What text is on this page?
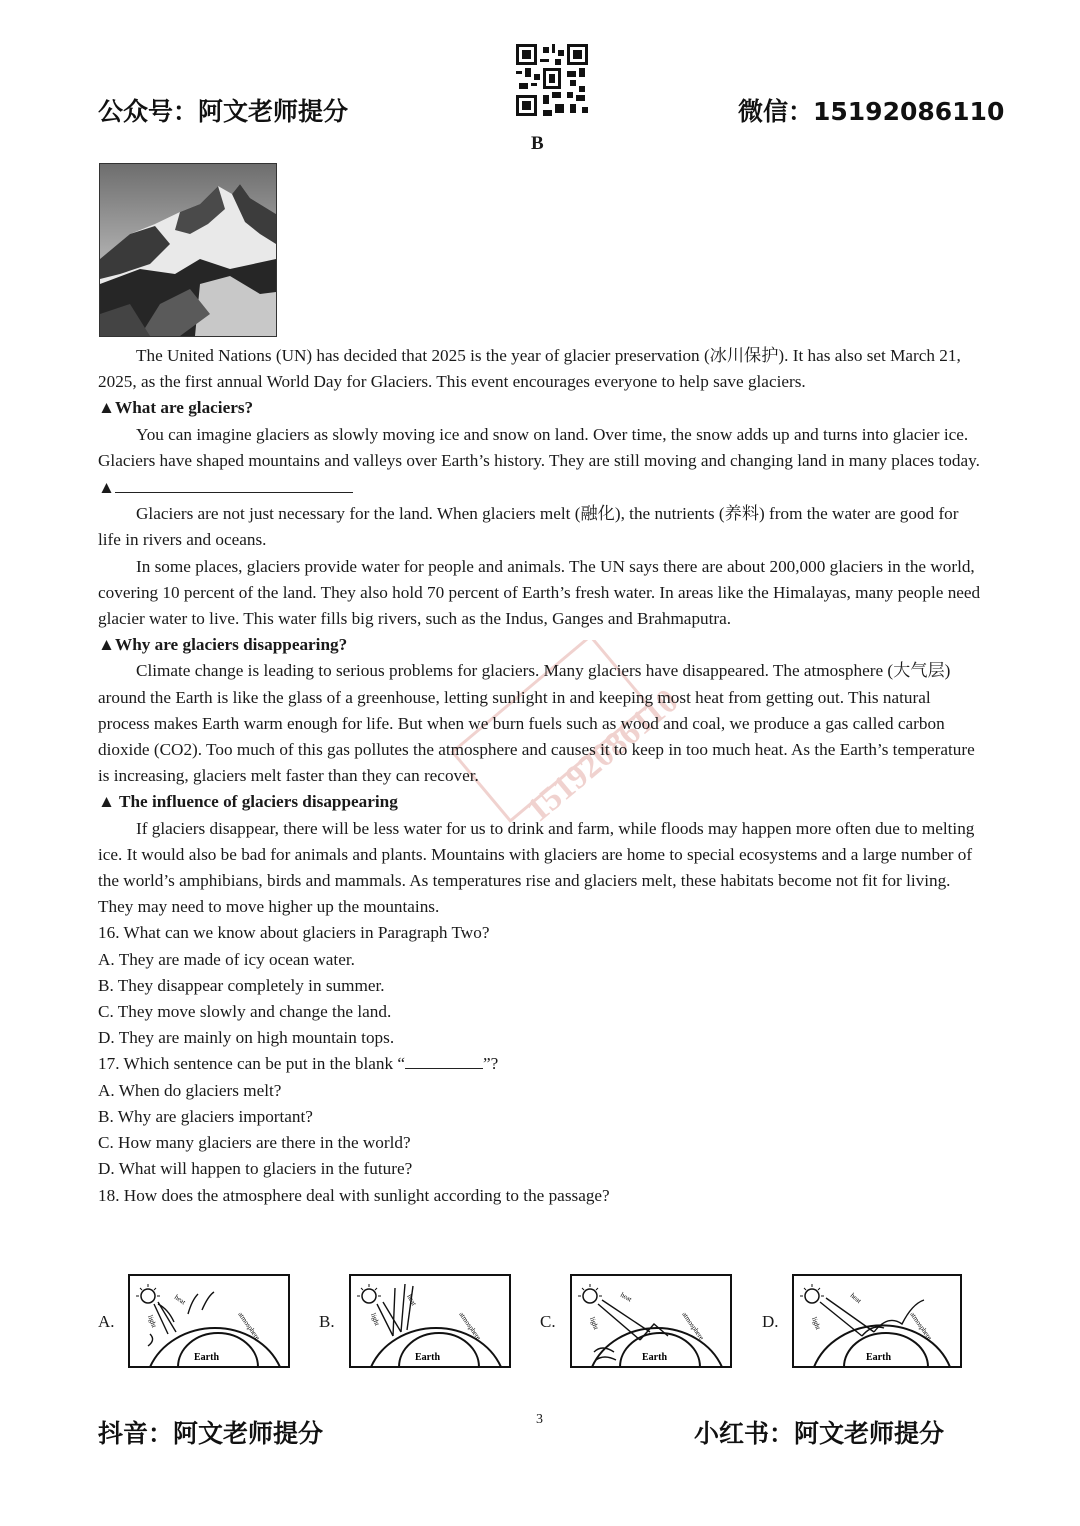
公众号：阿文老师提分	微信：15192086110
B
15192086110

The United Nations (UN) has decided that 2025 is the year of glacier preservation (冰川保护). It has also set March 21, 2025, as the first annual World Day for Glaciers. This event encourages everyone to help save glaciers.

▲What are glaciers?

You can imagine glaciers as slowly moving ice and snow on land. Over time, the snow adds up and turns into glacier ice. Glaciers have shaped mountains and valleys over Earth’s history. They are still moving and changing land in many places today.

▲

Glaciers are not just necessary for the land. When glaciers melt (融化), the nutrients (养料) from the water are good for life in rivers and oceans.

In some places, glaciers provide water for people and animals. The UN says there are about 200,000 glaciers in the world, covering 10 percent of the land. They also hold 70 percent of Earth’s fresh water. In areas like the Himalayas, many people need glacier water to live. This water fills big rivers, such as the Indus, Ganges and Brahmaputra.

▲Why are glaciers disappearing?

Climate change is leading to serious problems for glaciers. Many glaciers have disappeared. The atmosphere (大气层) around the Earth is like the glass of a greenhouse, letting sunlight in and keeping most heat from getting out. This natural process makes Earth warm enough for life. But when we burn fuels such as wood and coal, we produce a gas called carbon dioxide (CO2). Too much of this gas pollutes the atmosphere and causes it to keep in too much heat. As the Earth’s temperature is increasing, glaciers melt faster than they can recover.

▲ The influence of glaciers disappearing

If glaciers disappear, there will be less water for us to drink and farm, while floods may happen more often due to melting ice. It would also be bad for animals and plants. Mountains with glaciers are home to special ecosystems and a large number of the world’s amphibians, birds and mammals. As temperatures rise and glaciers melt, these habitats become not fit for living. They may need to move higher up the mountains.

16. What can we know about glaciers in Paragraph Two?

A. They are made of icy ocean water.

B. They disappear completely in summer.

C. They move slowly and change the land.

D. They are mainly on high mountain tops.

17. Which sentence can be put in the blank “	”?

A. When do glaciers melt?

B. Why are glaciers important?

C. How many glaciers are there in the world?

D. What will happen to glaciers in the future?

18. How does the atmosphere deal with sunlight according to the passage?

A.
Earth
heat
light	atmosphere	B.
Earth
heat
light	atmosphere	C.
Earth
heat
light	atmosphere	D.
Earth
heat
light	atmosphere
3
抖音：阿文老师提分	小红书：阿文老师提分
